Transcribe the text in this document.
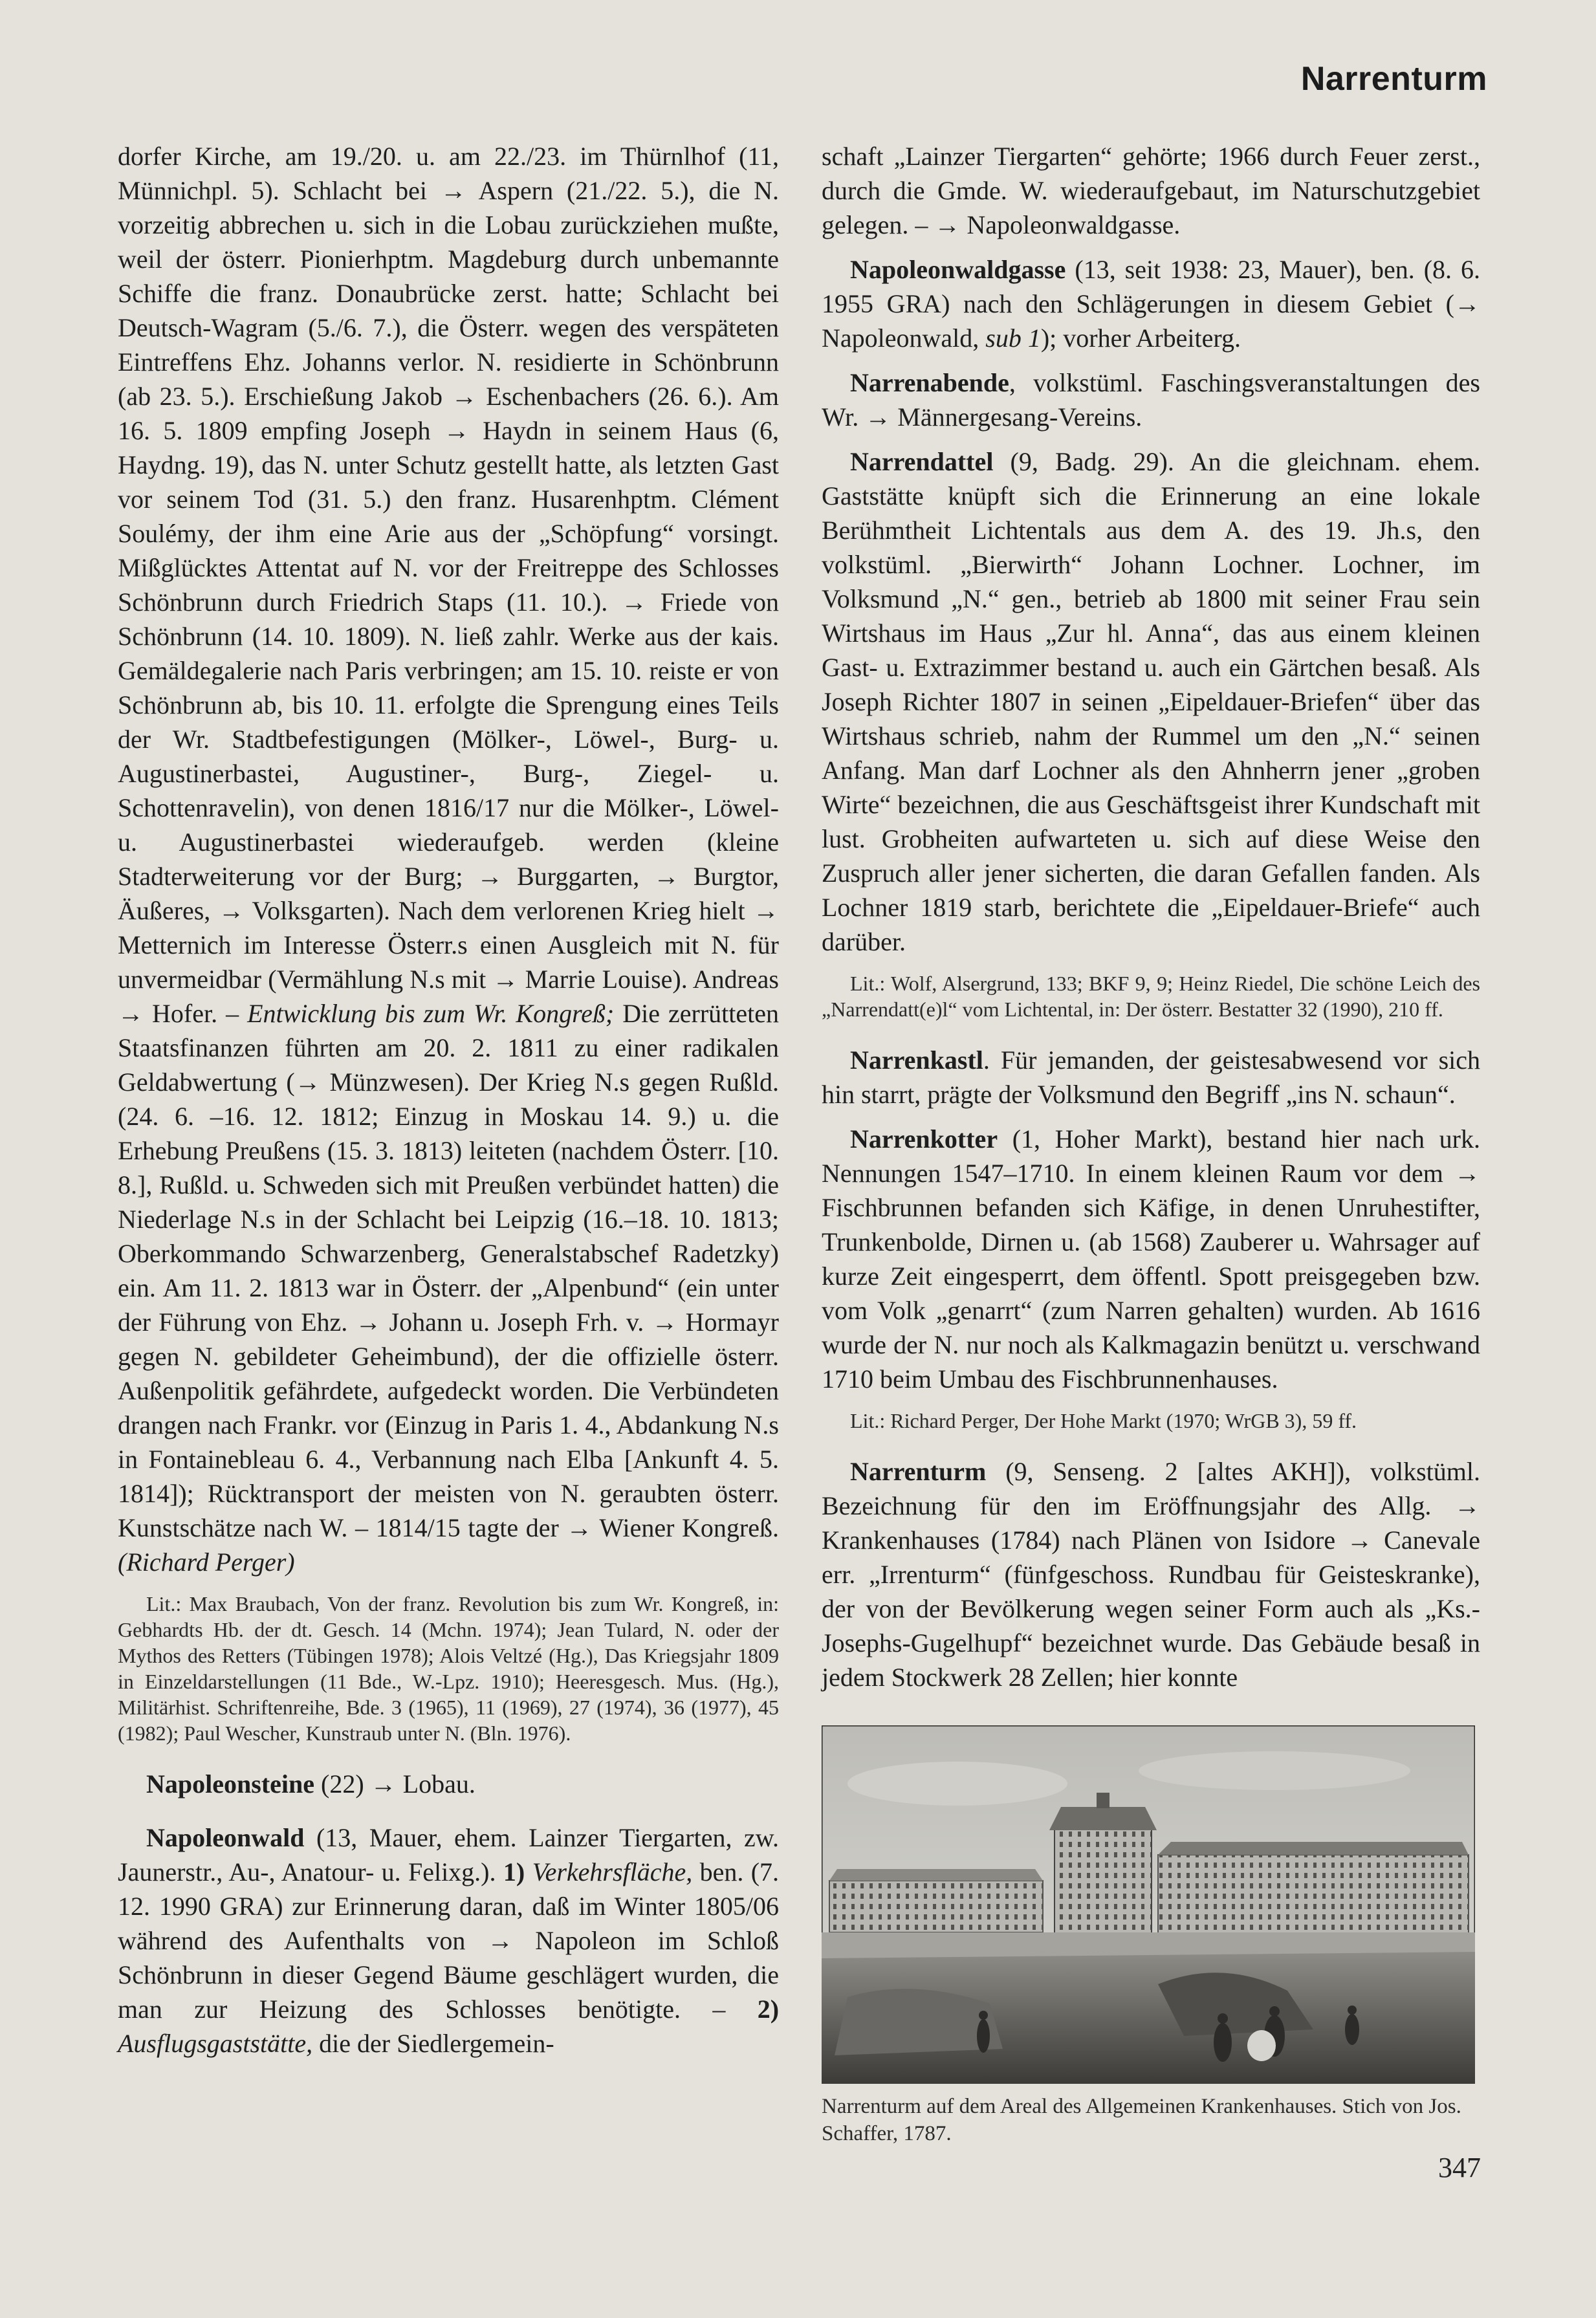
Narrenturm

dorfer Kirche, am 19./20. u. am 22./23. im Thürnlhof (11, Münnichpl. 5). Schlacht bei → Aspern (21./22. 5.), die N. vorzeitig abbrechen u. sich in die Lobau zurückziehen mußte, weil der österr. Pionierhptm. Magdeburg durch unbemannte Schiffe die franz. Donaubrücke zerst. hatte; Schlacht bei Deutsch-Wagram (5./6. 7.), die Österr. wegen des verspäteten Eintreffens Ehz. Johanns verlor. N. residierte in Schönbrunn (ab 23. 5.). Erschießung Jakob → Eschenbachers (26. 6.). Am 16. 5. 1809 empfing Joseph → Haydn in seinem Haus (6, Haydng. 19), das N. unter Schutz gestellt hatte, als letzten Gast vor seinem Tod (31. 5.) den franz. Husarenhptm. Clément Soulémy, der ihm eine Arie aus der „Schöpfung“ vorsingt. Mißglücktes Attentat auf N. vor der Freitreppe des Schlosses Schönbrunn durch Friedrich Staps (11. 10.). → Friede von Schönbrunn (14. 10. 1809). N. ließ zahlr. Werke aus der kais. Gemäldegalerie nach Paris verbringen; am 15. 10. reiste er von Schönbrunn ab, bis 10. 11. erfolgte die Sprengung eines Teils der Wr. Stadtbefestigungen (Mölker-, Löwel-, Burg- u. Augustinerbastei, Augustiner-, Burg-, Ziegel- u. Schottenravelin), von denen 1816/17 nur die Mölker-, Löwel- u. Augustinerbastei wiederaufgeb. werden (kleine Stadterweiterung vor der Burg; → Burggarten, → Burgtor, Äußeres, → Volksgarten). Nach dem verlorenen Krieg hielt → Metternich im Interesse Österr.s einen Ausgleich mit N. für unvermeidbar (Vermählung N.s mit → Marrie Louise). Andreas → Hofer. – Entwicklung bis zum Wr. Kongreß; Die zerrütteten Staatsfinanzen führten am 20. 2. 1811 zu einer radikalen Geldabwertung (→ Münzwesen). Der Krieg N.s gegen Rußld. (24. 6. –16. 12. 1812; Einzug in Moskau 14. 9.) u. die Erhebung Preußens (15. 3. 1813) leiteten (nachdem Österr. [10. 8.], Rußld. u. Schweden sich mit Preußen verbündet hatten) die Niederlage N.s in der Schlacht bei Leipzig (16.–18. 10. 1813; Oberkommando Schwarzenberg, Generalstabschef Radetzky) ein. Am 11. 2. 1813 war in Österr. der „Alpenbund“ (ein unter der Führung von Ehz. → Johann u. Joseph Frh. v. → Hormayr gegen N. gebildeter Geheimbund), der die offizielle österr. Außenpolitik gefährdete, aufgedeckt worden. Die Verbündeten drangen nach Frankr. vor (Einzug in Paris 1. 4., Abdankung N.s in Fontainebleau 6. 4., Verbannung nach Elba [Ankunft 4. 5. 1814]); Rücktransport der meisten von N. geraubten österr. Kunstschätze nach W. – 1814/15 tagte der → Wiener Kongreß. (Richard Perger)

Lit.: Max Braubach, Von der franz. Revolution bis zum Wr. Kongreß, in: Gebhardts Hb. der dt. Gesch. 14 (Mchn. 1974); Jean Tulard, N. oder der Mythos des Retters (Tübingen 1978); Alois Veltzé (Hg.), Das Kriegsjahr 1809 in Einzeldarstellungen (11 Bde., W.-Lpz. 1910); Heeresgesch. Mus. (Hg.), Militärhist. Schriftenreihe, Bde. 3 (1965), 11 (1969), 27 (1974), 36 (1977), 45 (1982); Paul Wescher, Kunstraub unter N. (Bln. 1976).

Napoleonsteine (22) → Lobau.

Napoleonwald (13, Mauer, ehem. Lainzer Tiergarten, zw. Jaunerstr., Au-, Anatour- u. Felixg.). 1) Verkehrsfläche, ben. (7. 12. 1990 GRA) zur Erinnerung daran, daß im Winter 1805/06 während des Aufenthalts von → Napoleon im Schloß Schönbrunn in dieser Gegend Bäume geschlägert wurden, die man zur Heizung des Schlosses benötigte. – 2) Ausflugsgaststätte, die der Siedlergemein-

schaft „Lainzer Tiergarten“ gehörte; 1966 durch Feuer zerst., durch die Gmde. W. wiederaufgebaut, im Naturschutzgebiet gelegen. – → Napoleonwaldgasse.

Napoleonwaldgasse (13, seit 1938: 23, Mauer), ben. (8. 6. 1955 GRA) nach den Schlägerungen in diesem Gebiet (→ Napoleonwald, sub 1); vorher Arbeiterg.

Narrenabende, volkstüml. Faschingsveranstaltungen des Wr. → Männergesang-Vereins.

Narrendattel (9, Badg. 29). An die gleichnam. ehem. Gaststätte knüpft sich die Erinnerung an eine lokale Berühmtheit Lichtentals aus dem A. des 19. Jh.s, den volkstüml. „Bierwirth“ Johann Lochner. Lochner, im Volksmund „N.“ gen., betrieb ab 1800 mit seiner Frau sein Wirtshaus im Haus „Zur hl. Anna“, das aus einem kleinen Gast- u. Extrazimmer bestand u. auch ein Gärtchen besaß. Als Joseph Richter 1807 in seinen „Eipeldauer-Briefen“ über das Wirtshaus schrieb, nahm der Rummel um den „N.“ seinen Anfang. Man darf Lochner als den Ahnherrn jener „groben Wirte“ bezeichnen, die aus Geschäftsgeist ihrer Kundschaft mit lust. Grobheiten aufwarteten u. sich auf diese Weise den Zuspruch aller jener sicherten, die daran Gefallen fanden. Als Lochner 1819 starb, berichtete die „Eipeldauer-Briefe“ auch darüber.

Lit.: Wolf, Alsergrund, 133; BKF 9, 9; Heinz Riedel, Die schöne Leich des „Narrendatt(e)l“ vom Lichtental, in: Der österr. Bestatter 32 (1990), 210 ff.

Narrenkastl. Für jemanden, der geistesabwesend vor sich hin starrt, prägte der Volksmund den Begriff „ins N. schaun“.

Narrenkotter (1, Hoher Markt), bestand hier nach urk. Nennungen 1547–1710. In einem kleinen Raum vor dem → Fischbrunnen befanden sich Käfige, in denen Unruhestifter, Trunkenbolde, Dirnen u. (ab 1568) Zauberer u. Wahrsager auf kurze Zeit eingesperrt, dem öffentl. Spott preisgegeben bzw. vom Volk „genarrt“ (zum Narren gehalten) wurden. Ab 1616 wurde der N. nur noch als Kalkmagazin benützt u. verschwand 1710 beim Umbau des Fischbrunnenhauses.

Lit.: Richard Perger, Der Hohe Markt (1970; WrGB 3), 59 ff.

Narrenturm (9, Senseng. 2 [altes AKH]), volkstüml. Bezeichnung für den im Eröffnungsjahr des Allg. → Krankenhauses (1784) nach Plänen von Isidore → Canevale err. „Irrenturm“ (fünfgeschoss. Rundbau für Geisteskranke), der von der Bevölkerung wegen seiner Form auch als „Ks.-Josephs-Gugelhupf“ bezeichnet wurde. Das Gebäude besaß in jedem Stockwerk 28 Zellen; hier konnte

Narrenturm auf dem Areal des Allgemeinen Krankenhauses. Stich von Jos. Schaffer, 1787.
347
